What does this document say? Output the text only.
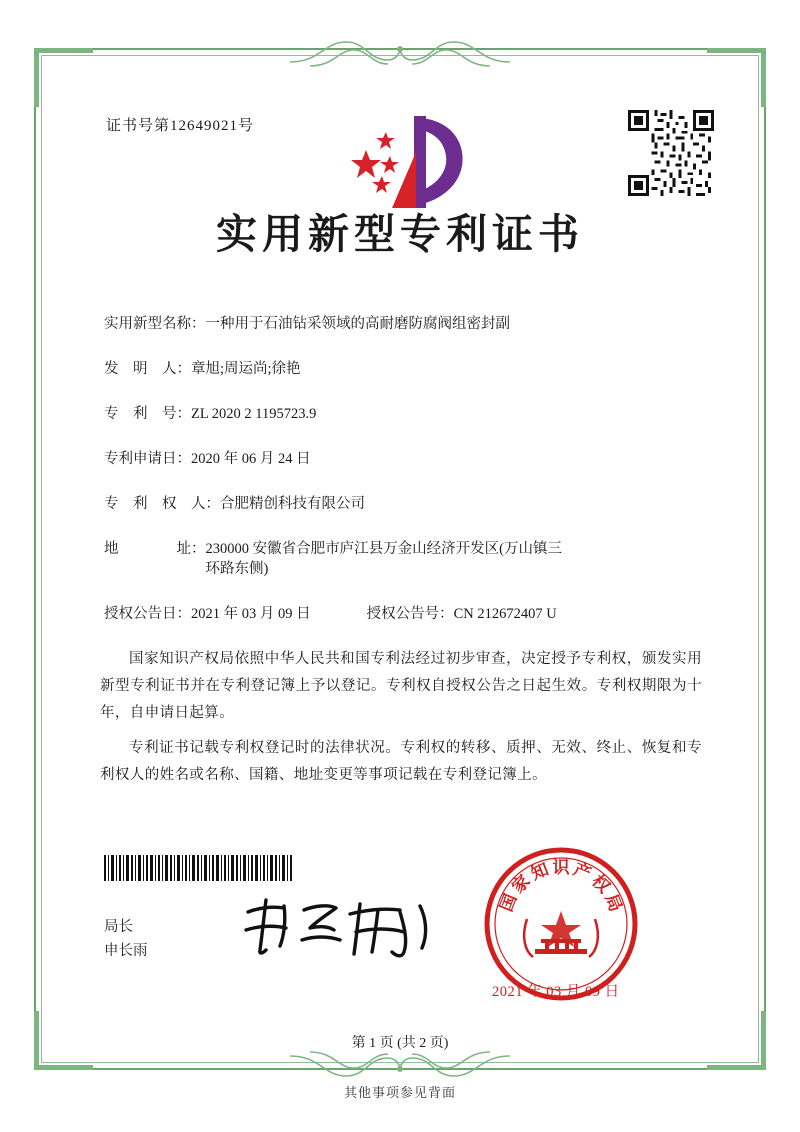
证书号第12649021号
实用新型专利证书
实用新型名称： 一种用于石油钻采领域的高耐磨防腐阀组密封副
发　明　人： 章旭;周运尚;徐艳
专　利　号： ZL 2020 2 1195723.9
专利申请日： 2020 年 06 月 24 日
专　利　权　人： 合肥精创科技有限公司
地　　　　址： 230000 安徽省合肥市庐江县万金山经济开发区(万山镇三
环路东侧)
授权公告日： 2021 年 03 月 09 日	授权公告号： CN 212672407 U

国家知识产权局依照中华人民共和国专利法经过初步审查，决定授予专利权，颁发实用新型专利证书并在专利登记簿上予以登记。专利权自授权公告之日起生效。专利权期限为十年，自申请日起算。

专利证书记载专利权登记时的法律状况。专利权的转移、质押、无效、终止、恢复和专利权人的姓名或名称、国籍、地址变更等事项记载在专利登记簿上。

局长
申长雨
国
家
知 识 产
权
局
2021 年 03 月 09 日
第 1 页 (共 2 页)
其他事项参见背面
